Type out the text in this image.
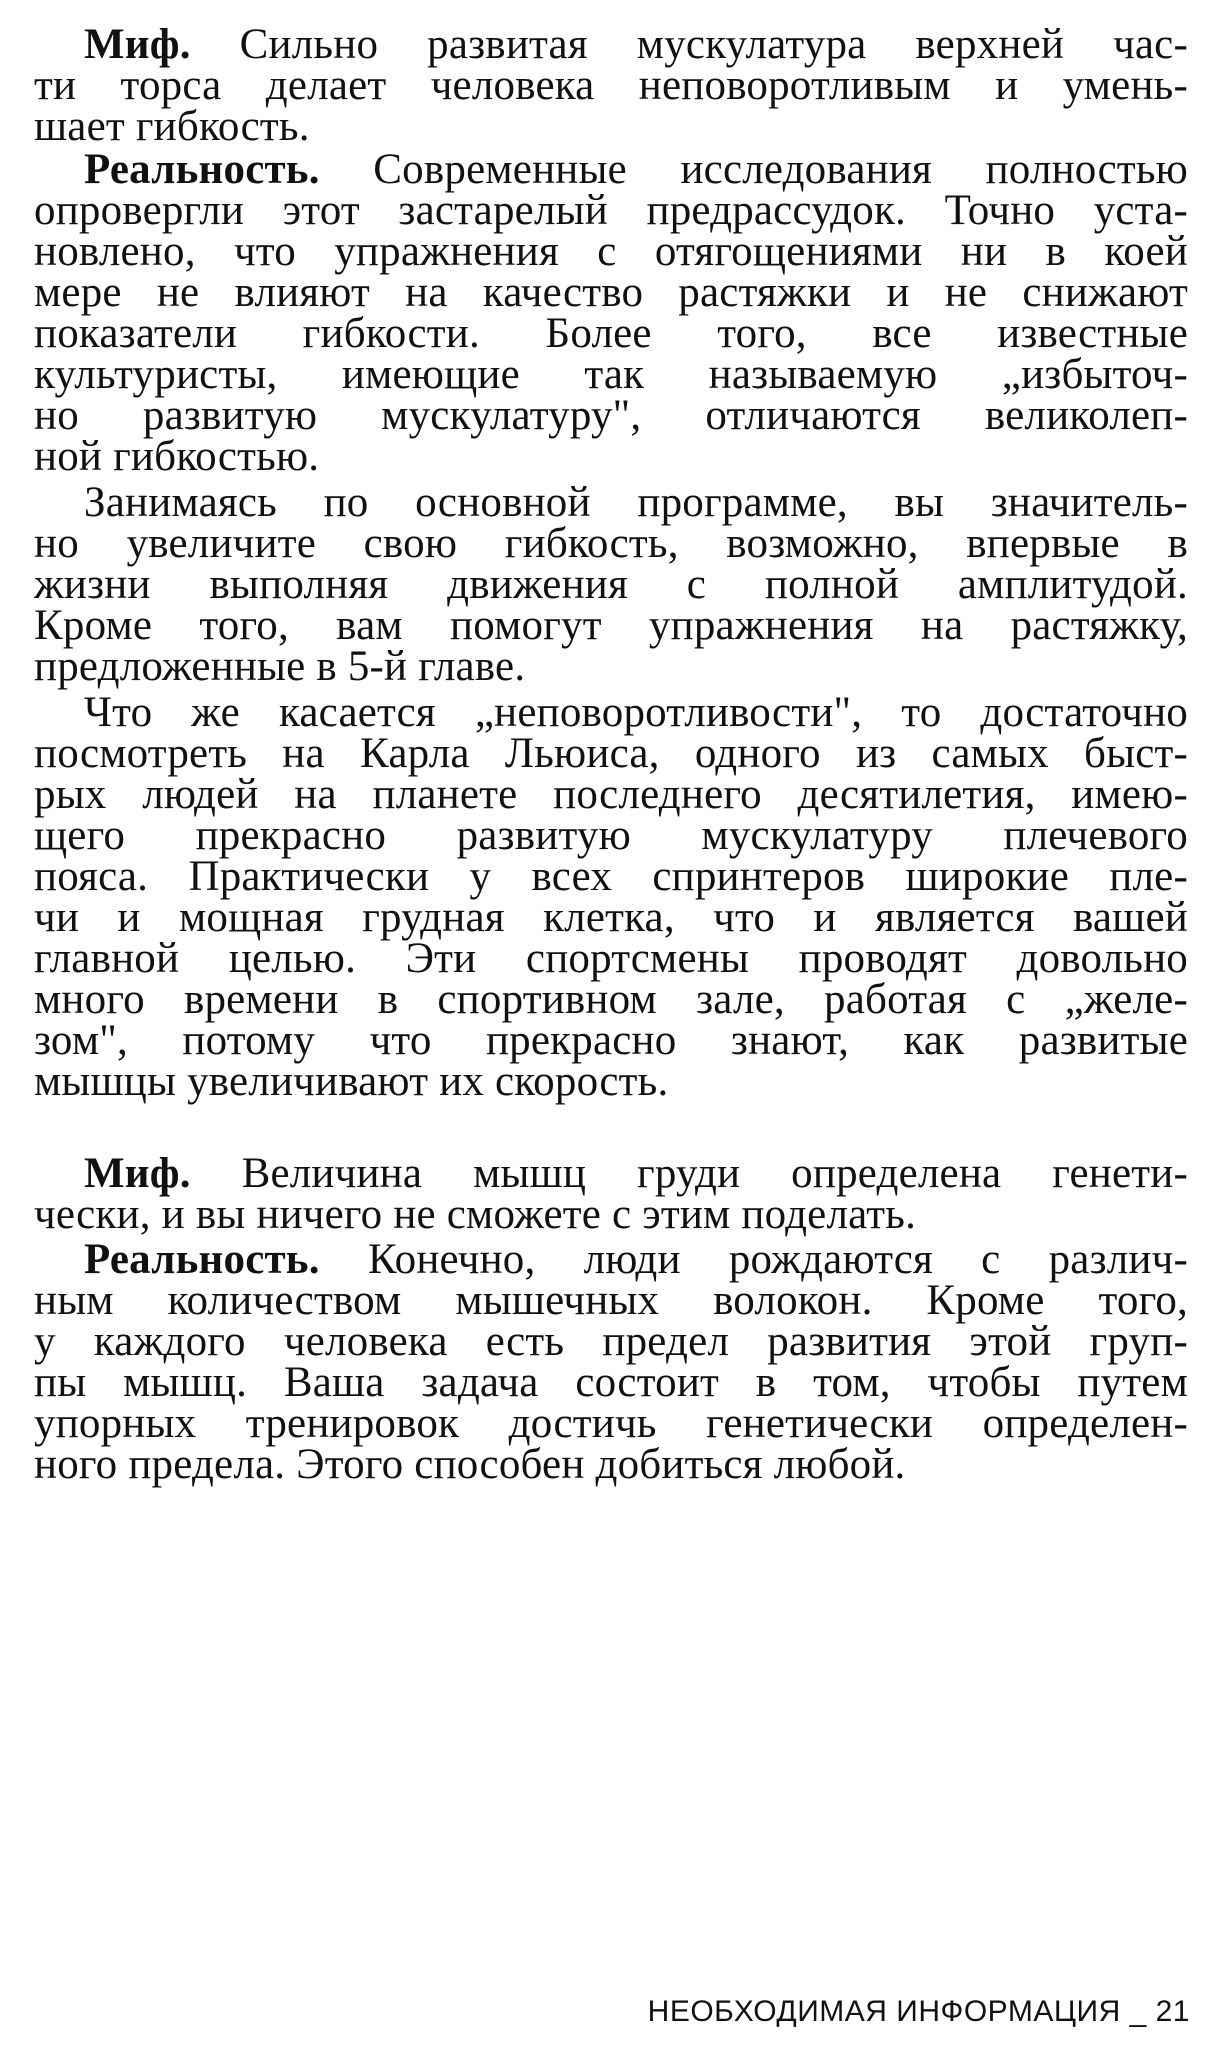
Миф. Сильно развитая мускулатура верхней час-
ти торса делает человека неповоротливым и умень-
шает гибкость.
Реальность. Современные исследования полностью
опровергли этот застарелый предрассудок. Точно уста-
новлено, что упражнения с отягощениями ни в коей
мере не влияют на качество растяжки и не снижают
показатели гибкости. Более того, все известные
культуристы, имеющие так называемую „избыточ-
но развитую мускулатуру", отличаются великолеп-
ной гибкостью.
Занимаясь по основной программе, вы значитель-
но увеличите свою гибкость, возможно, впервые в
жизни выполняя движения с полной амплитудой.
Кроме того, вам помогут упражнения на растяжку,
предложенные в 5-й главе.
Что же касается „неповоротливости", то достаточно
посмотреть на Карла Льюиса, одного из самых быст-
рых людей на планете последнего десятилетия, имею-
щего прекрасно развитую мускулатуру плечевого
пояса. Практически у всех спринтеров широкие пле-
чи и мощная грудная клетка, что и является вашей
главной целью. Эти спортсмены проводят довольно
много времени в спортивном зале, работая с „желе-
зом", потому что прекрасно знают, как развитые
мышцы увеличивают их скорость.
Миф. Величина мышц груди определена генети-
чески, и вы ничего не сможете с этим поделать.
Реальность. Конечно, люди рождаются с различ-
ным количеством мышечных волокон. Кроме того,
у каждого человека есть предел развития этой груп-
пы мышц. Ваша задача состоит в том, чтобы путем
упорных тренировок достичь генетически определен-
ного предела. Этого способен добиться любой.
НЕОБХОДИМАЯ ИНФОРМАЦИЯ _ 21
